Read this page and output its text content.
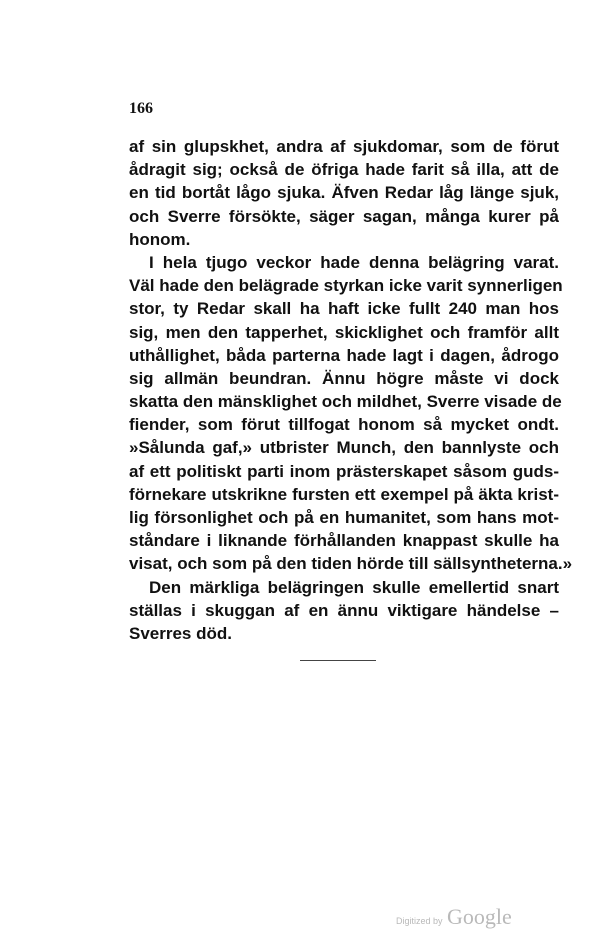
166
af sin glupskhet, andra af sjukdomar, som de förut
ådragit sig; också de öfriga hade farit så illa, att de
en tid bortåt lågo sjuka. Äfven Redar låg länge sjuk,
och Sverre försökte, säger sagan, många kurer på
honom.
I hela tjugo veckor hade denna belägring varat.
Väl hade den belägrade styrkan icke varit synnerligen
stor, ty Redar skall ha haft icke fullt 240 man hos
sig, men den tapperhet, skicklighet och framför allt
uthållighet, båda parterna hade lagt i dagen, ådrogo
sig allmän beundran. Ännu högre måste vi dock
skatta den mänsklighet och mildhet, Sverre visade de
fiender, som förut tillfogat honom så mycket ondt.
»Sålunda gaf,» utbrister Munch, den bannlyste och
af ett politiskt parti inom prästerskapet såsom guds-
förnekare utskrikne fursten ett exempel på äkta krist-
lig försonlighet och på en humanitet, som hans mot-
ståndare i liknande förhållanden knappast skulle ha
visat, och som på den tiden hörde till sällsyntheterna.»
Den märkliga belägringen skulle emellertid snart
ställas i skuggan af en ännu viktigare händelse –
Sverres död.
Digitized by Google
